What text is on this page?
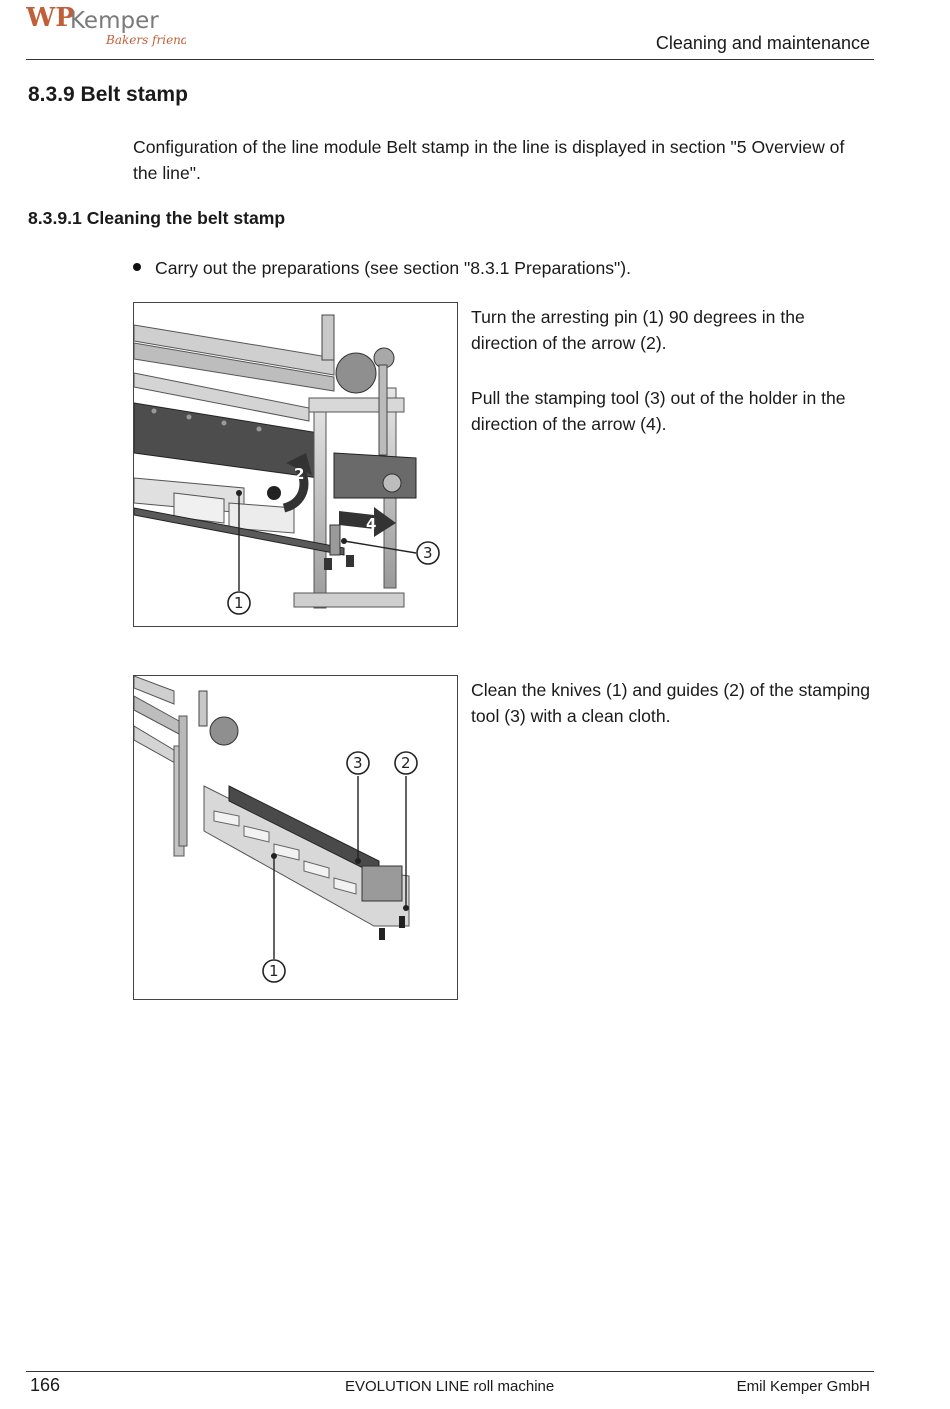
WP
Kemper
Bakers friend	Cleaning and maintenance
8.3.9 Belt stamp
Configuration of the line module Belt stamp in the line is displayed in section "5 Overview of the line".
8.3.9.1 Cleaning the belt stamp
Carry out the preparations (see section "8.3.1 Preparations").
2
4
1
3
Turn the arresting pin (1) 90 degrees in the direction of the arrow (2).
Pull the stamping tool (3) out of the holder in the direction of the arrow (4).
3	2
1
Clean the knives (1) and guides (2) of the stamping tool (3) with a clean cloth.
166	EVOLUTION LINE roll machine	Emil Kemper GmbH
